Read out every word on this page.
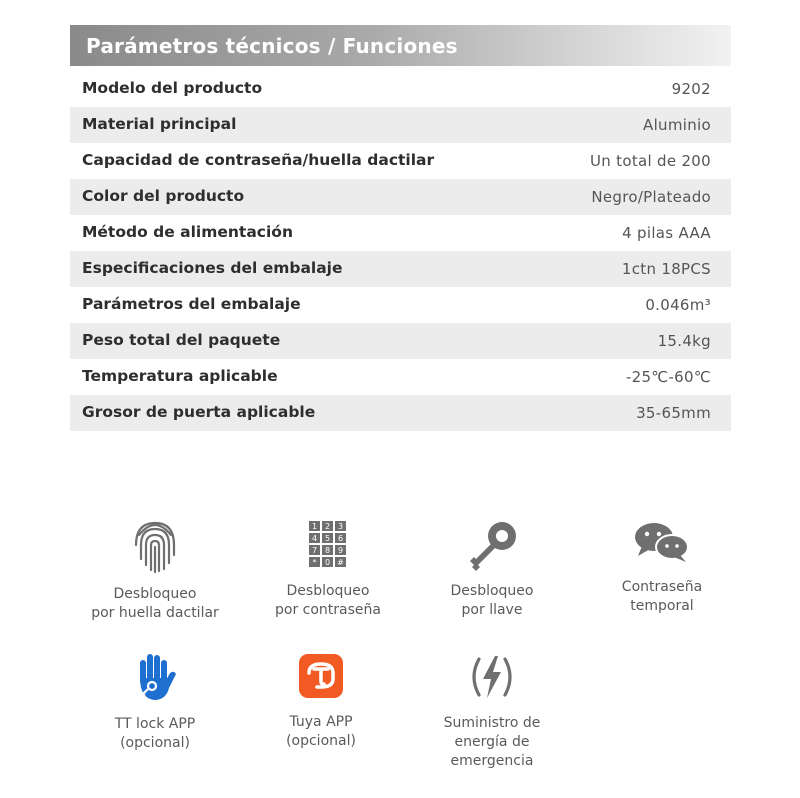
Parámetros técnicos / Funciones
Modelo del producto	9202
Material principal	Aluminio
Capacidad de contraseña/huella dactilar	Un total de 200
Color del producto	Negro/Plateado
Método de alimentación	4 pilas AAA
Especificaciones del embalaje	1ctn 18PCS
Parámetros del embalaje	0.046m³
Peso total del paquete	15.4kg
Temperatura aplicable	-25℃-60℃
Grosor de puerta aplicable	35-65mm
Desbloqueo
por huella dactilar
1 2 3
4 5 6
7 8 9
* 0 #
Desbloqueo
por contraseña
Desbloqueo
por llave
Contraseña
temporal
TT lock APP
(opcional)
Tuya APP
(opcional)
Suministro de
energía de
emergencia
